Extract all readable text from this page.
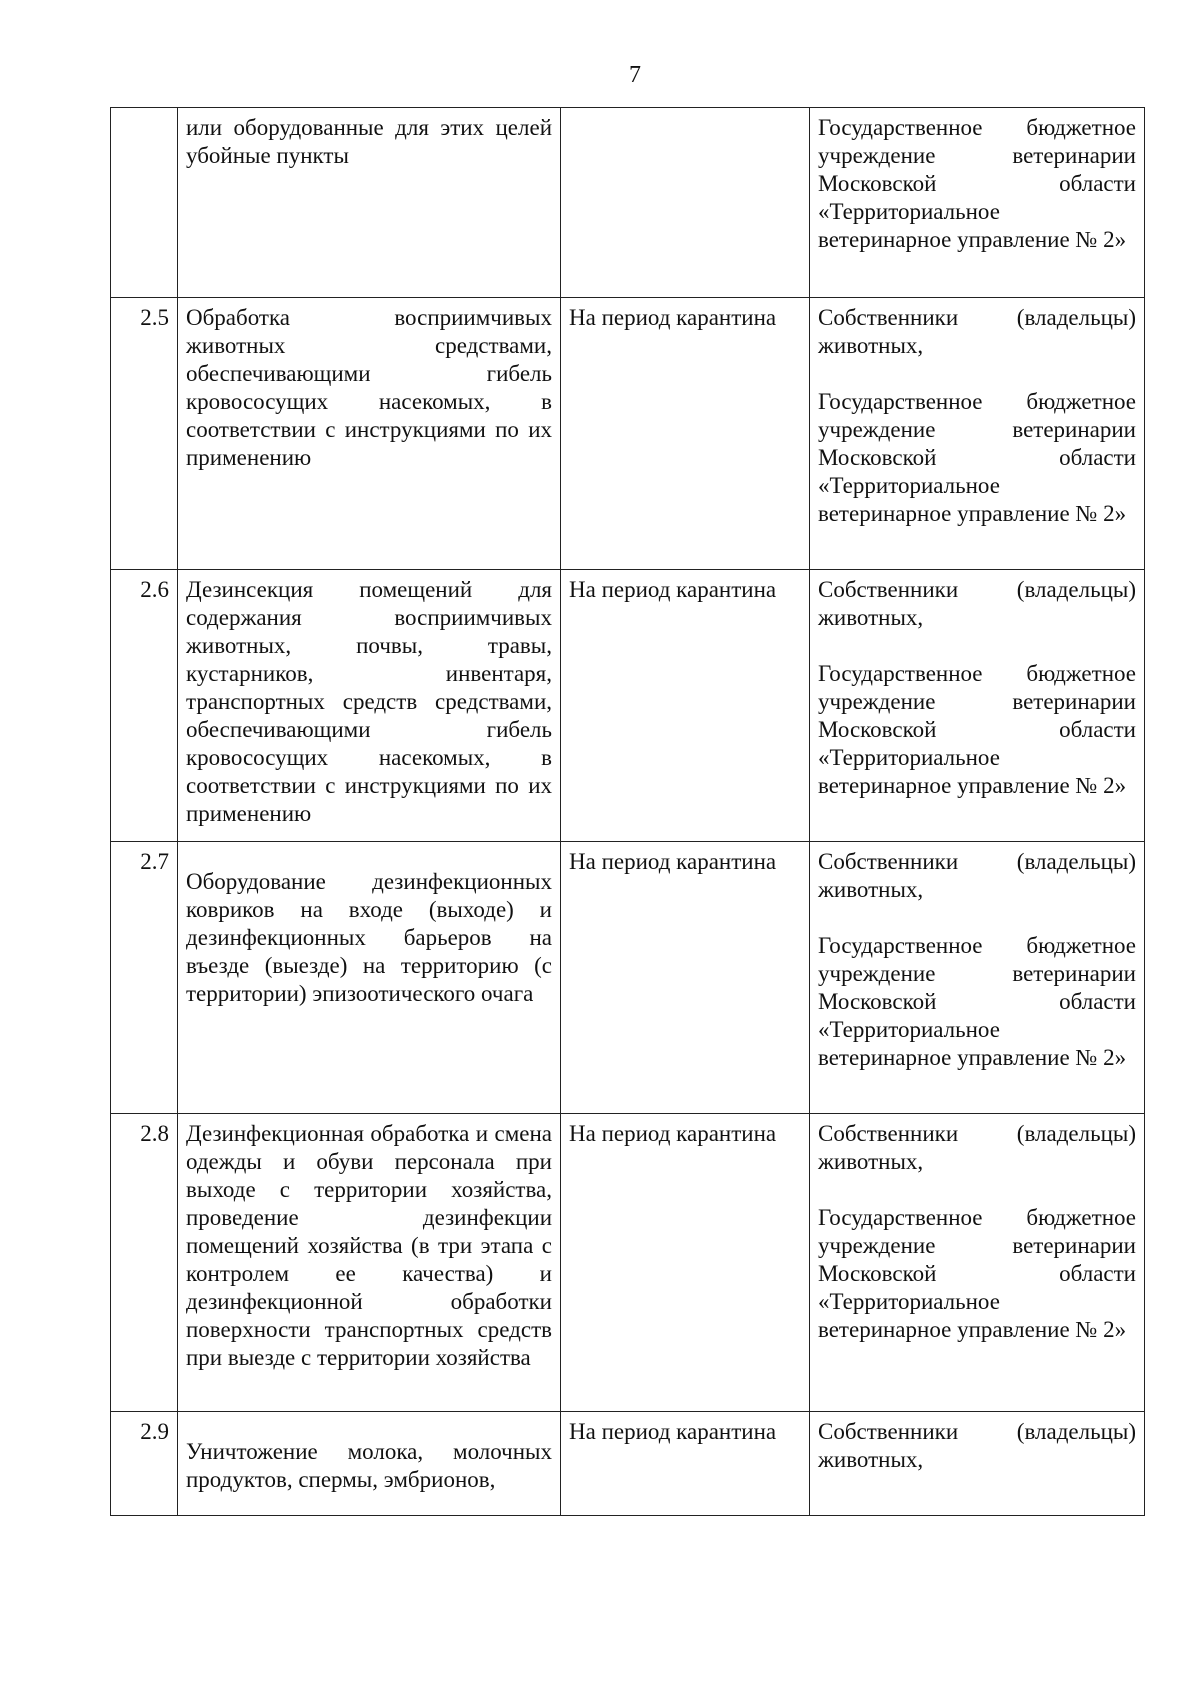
7

	или оборудованные для этих целей убойные пункты		Государственное бюджетное учреждение ветеринарии Московской области «Территориальное ветеринарное управление № 2»

2.5	Обработка восприимчивых животных средствами, обеспечивающими гибель кровососущих насекомых, в соответствии с инструкциями по их применению	На период карантина	Собственники (владельцы) животных,
Государственное бюджетное учреждение ветеринарии Московской области «Территориальное ветеринарное управление № 2»

2.6	Дезинсекция помещений для содержания восприимчивых животных, почвы, травы, кустарников, инвентаря, транспортных средств средствами, обеспечивающими гибель кровососущих насекомых, в соответствии с инструкциями по их применению	На период карантина	Собственники (владельцы) животных,
Государственное бюджетное учреждение ветеринарии Московской области «Территориальное ветеринарное управление № 2»

2.7	Оборудование дезинфекционных ковриков на входе (выходе) и дезинфекционных барьеров на въезде (выезде) на территорию (с территории) эпизоотического очага	На период карантина	Собственники (владельцы) животных,
Государственное бюджетное учреждение ветеринарии Московской области «Территориальное ветеринарное управление № 2»

2.8	Дезинфекционная обработка и смена одежды и обуви персонала при выходе с территории хозяйства, проведение дезинфекции помещений хозяйства (в три этапа с контролем ее качества) и дезинфекционной обработки поверхности транспортных средств при выезде с территории хозяйства	На период карантина	Собственники (владельцы) животных,
Государственное бюджетное учреждение ветеринарии Московской области «Территориальное ветеринарное управление № 2»

2.9	Уничтожение молока, молочных продуктов, спермы, эмбрионов,	На период карантина	Собственники (владельцы) животных,
